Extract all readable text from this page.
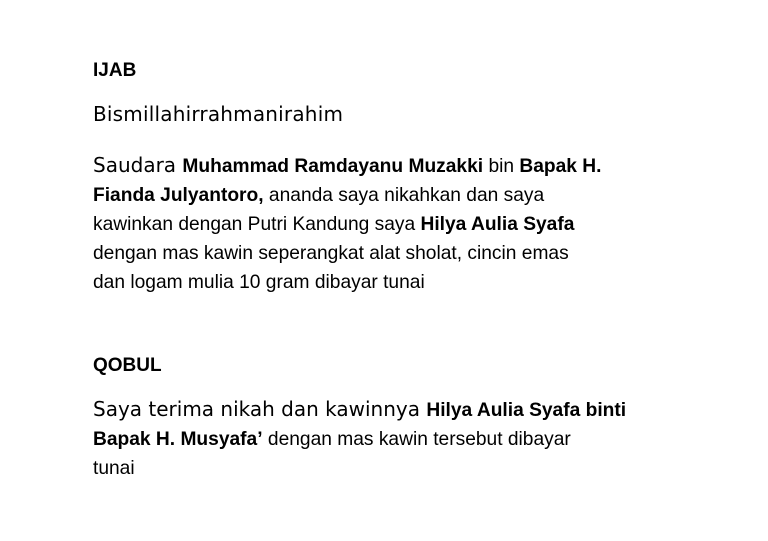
IJAB

Bismillahirrahmanirahim

Saudara Muhammad Ramdayanu Muzakki bin Bapak H.
Fianda Julyantoro, ananda saya nikahkan dan saya
kawinkan dengan Putri Kandung saya Hilya Aulia Syafa
dengan mas kawin seperangkat alat sholat, cincin emas
dan logam mulia 10 gram dibayar tunai
QOBUL
Saya terima nikah dan kawinnya Hilya Aulia Syafa binti
Bapak H. Musyafa’ dengan mas kawin tersebut dibayar
tunai
